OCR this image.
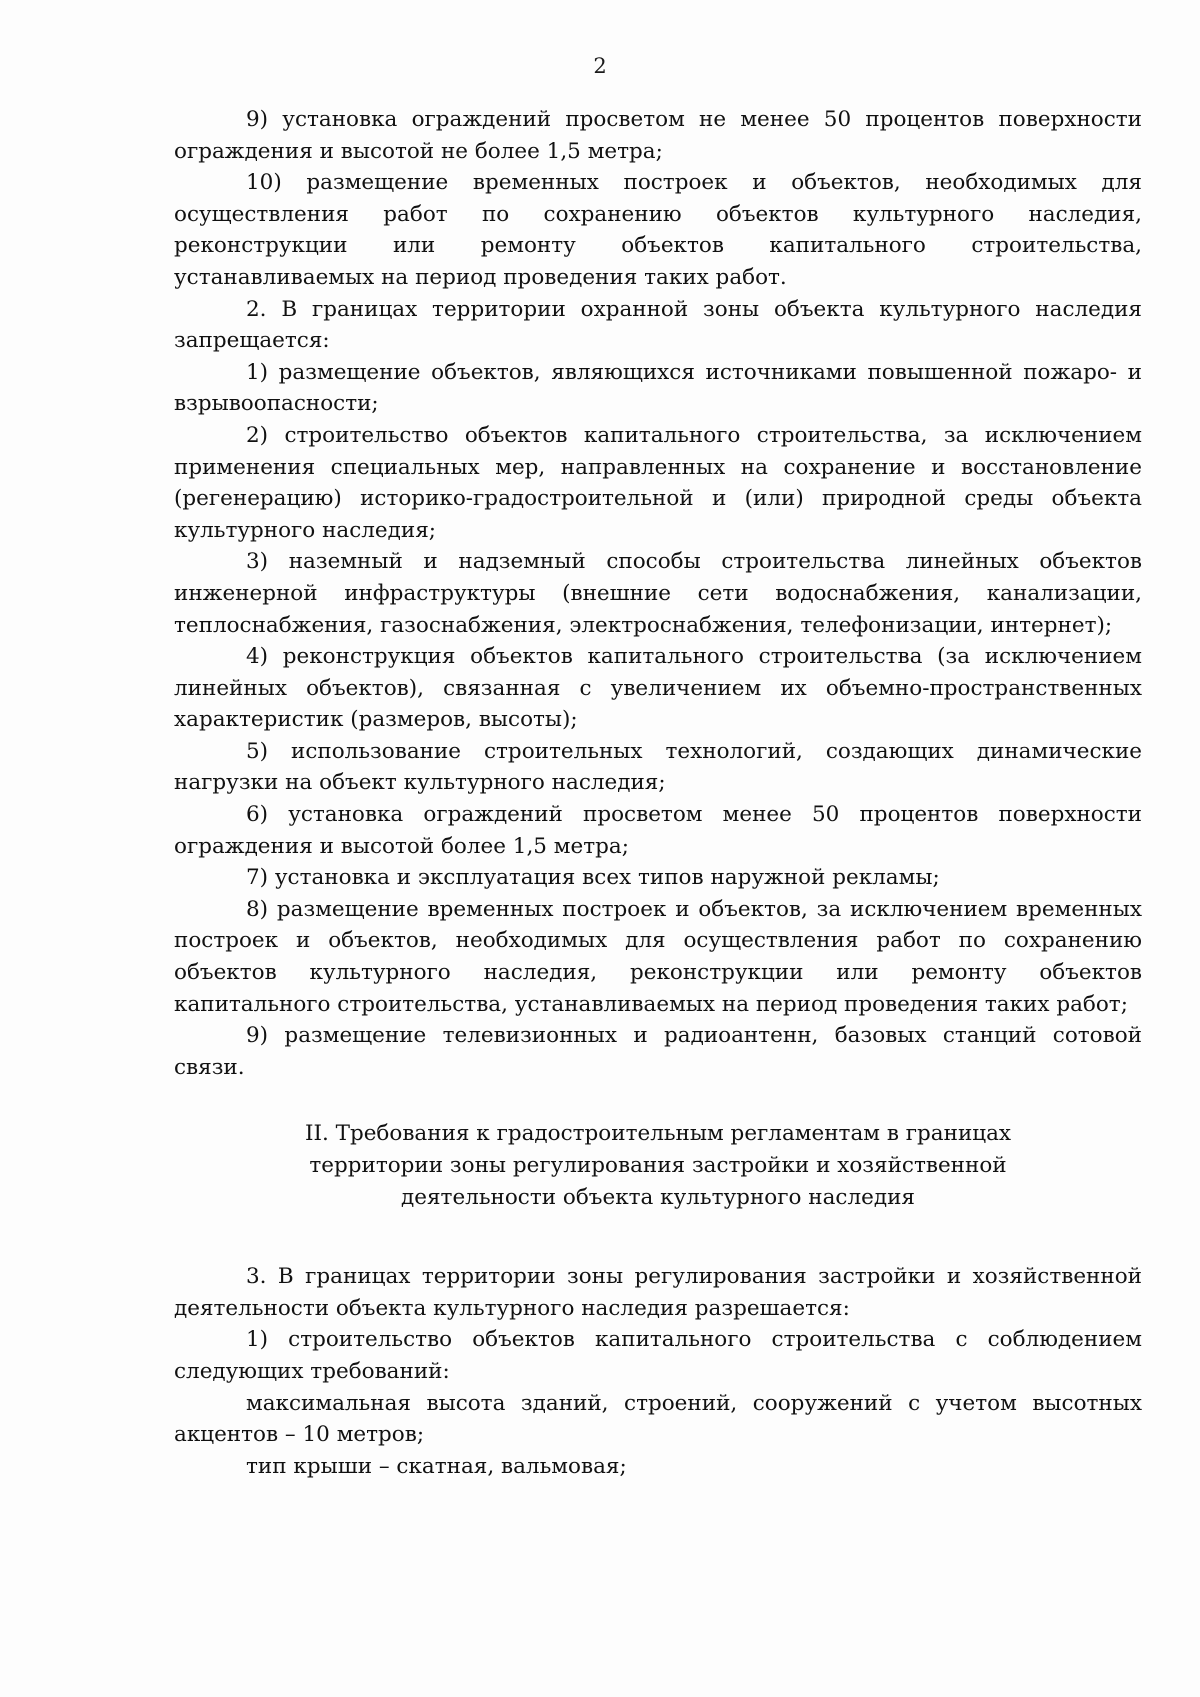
2

9) установка ограждений просветом не менее 50 процентов поверхности ограждения и высотой не более 1,5 метра;

10) размещение временных построек и объектов, необходимых для осуществления работ по сохранению объектов культурного наследия, реконструкции или ремонту объектов капитального строительства, устанавливаемых на период проведения таких работ.

2. В границах территории охранной зоны объекта культурного наследия запрещается:

1) размещение объектов, являющихся источниками повышенной пожаро- и взрывоопасности;

2) строительство объектов капитального строительства, за исключением применения специальных мер, направленных на сохранение и восстановление (регенерацию) историко-градостроительной и (или) природной среды объекта культурного наследия;

3) наземный и надземный способы строительства линейных объектов инженерной инфраструктуры (внешние сети водоснабжения, канализации, теплоснабжения, газоснабжения, электроснабжения, телефонизации, интернет);

4) реконструкция объектов капитального строительства (за исключением линейных объектов), связанная с увеличением их объемно-пространственных характеристик (размеров, высоты);

5) использование строительных технологий, создающих динамические нагрузки на объект культурного наследия;

6) установка ограждений просветом менее 50 процентов поверхности ограждения и высотой более 1,5 метра;

7) установка и эксплуатация всех типов наружной рекламы;

8) размещение временных построек и объектов, за исключением временных построек и объектов, необходимых для осуществления работ по сохранению объектов культурного наследия, реконструкции или ремонту объектов капитального строительства, устанавливаемых на период проведения таких работ;

9) размещение телевизионных и радиоантенн, базовых станций сотовой связи.

II. Требования к градостроительным регламентам в границах территории зоны регулирования застройки и хозяйственной деятельности объекта культурного наследия

3. В границах территории зоны регулирования застройки и хозяйственной деятельности объекта культурного наследия разрешается:

1) строительство объектов капитального строительства с соблюдением следующих требований:

максимальная высота зданий, строений, сооружений с учетом высотных акцентов – 10 метров;

тип крыши – скатная, вальмовая;
